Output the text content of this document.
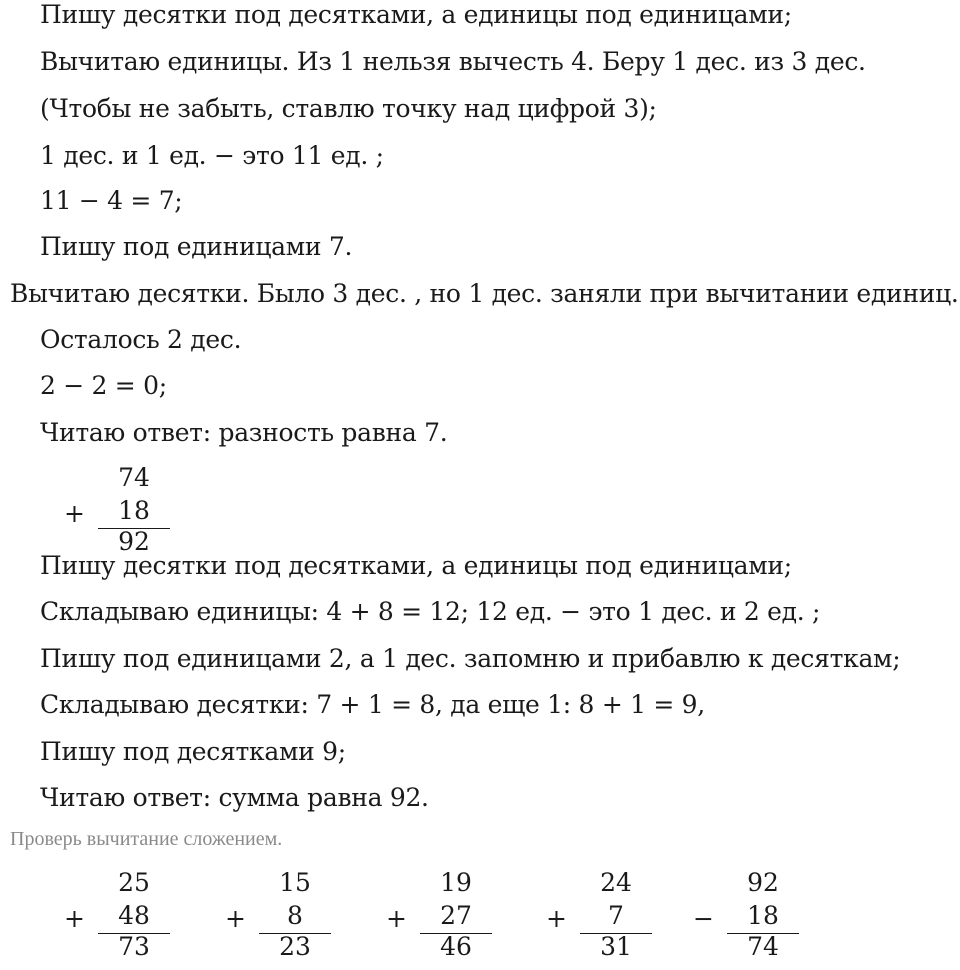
Пишу десятки под десятками, а единицы под единицами;
Вычитаю единицы. Из 1 нельзя вычесть 4. Беру 1 дес. из 3 дес.
(Чтобы не забыть, ставлю точку над цифрой 3);
1 дес. и 1 ед. − это 11 ед. ;
11 − 4 = 7;
Пишу под единицами 7.
Вычитаю десятки. Было 3 дес. , но 1 дес. заняли при вычитании единиц.
Осталось 2 дес.
2 − 2 = 0;
Читаю ответ: разность равна 7.
+
74
18
92
Пишу десятки под десятками, а единицы под единицами;
Складываю единицы: 4 + 8 = 12; 12 ед. − это 1 дес. и 2 ед. ;
Пишу под единицами 2, а 1 дес. запомню и прибавлю к десяткам;
Складываю десятки: 7 + 1 = 8, да еще 1: 8 + 1 = 9,
Пишу под десятками 9;
Читаю ответ: сумма равна 92.
Проверь вычитание сложением.
+
25
48
73
+
15
8
23
+
19
27
46
+
24
7
31
−
92
18
74
